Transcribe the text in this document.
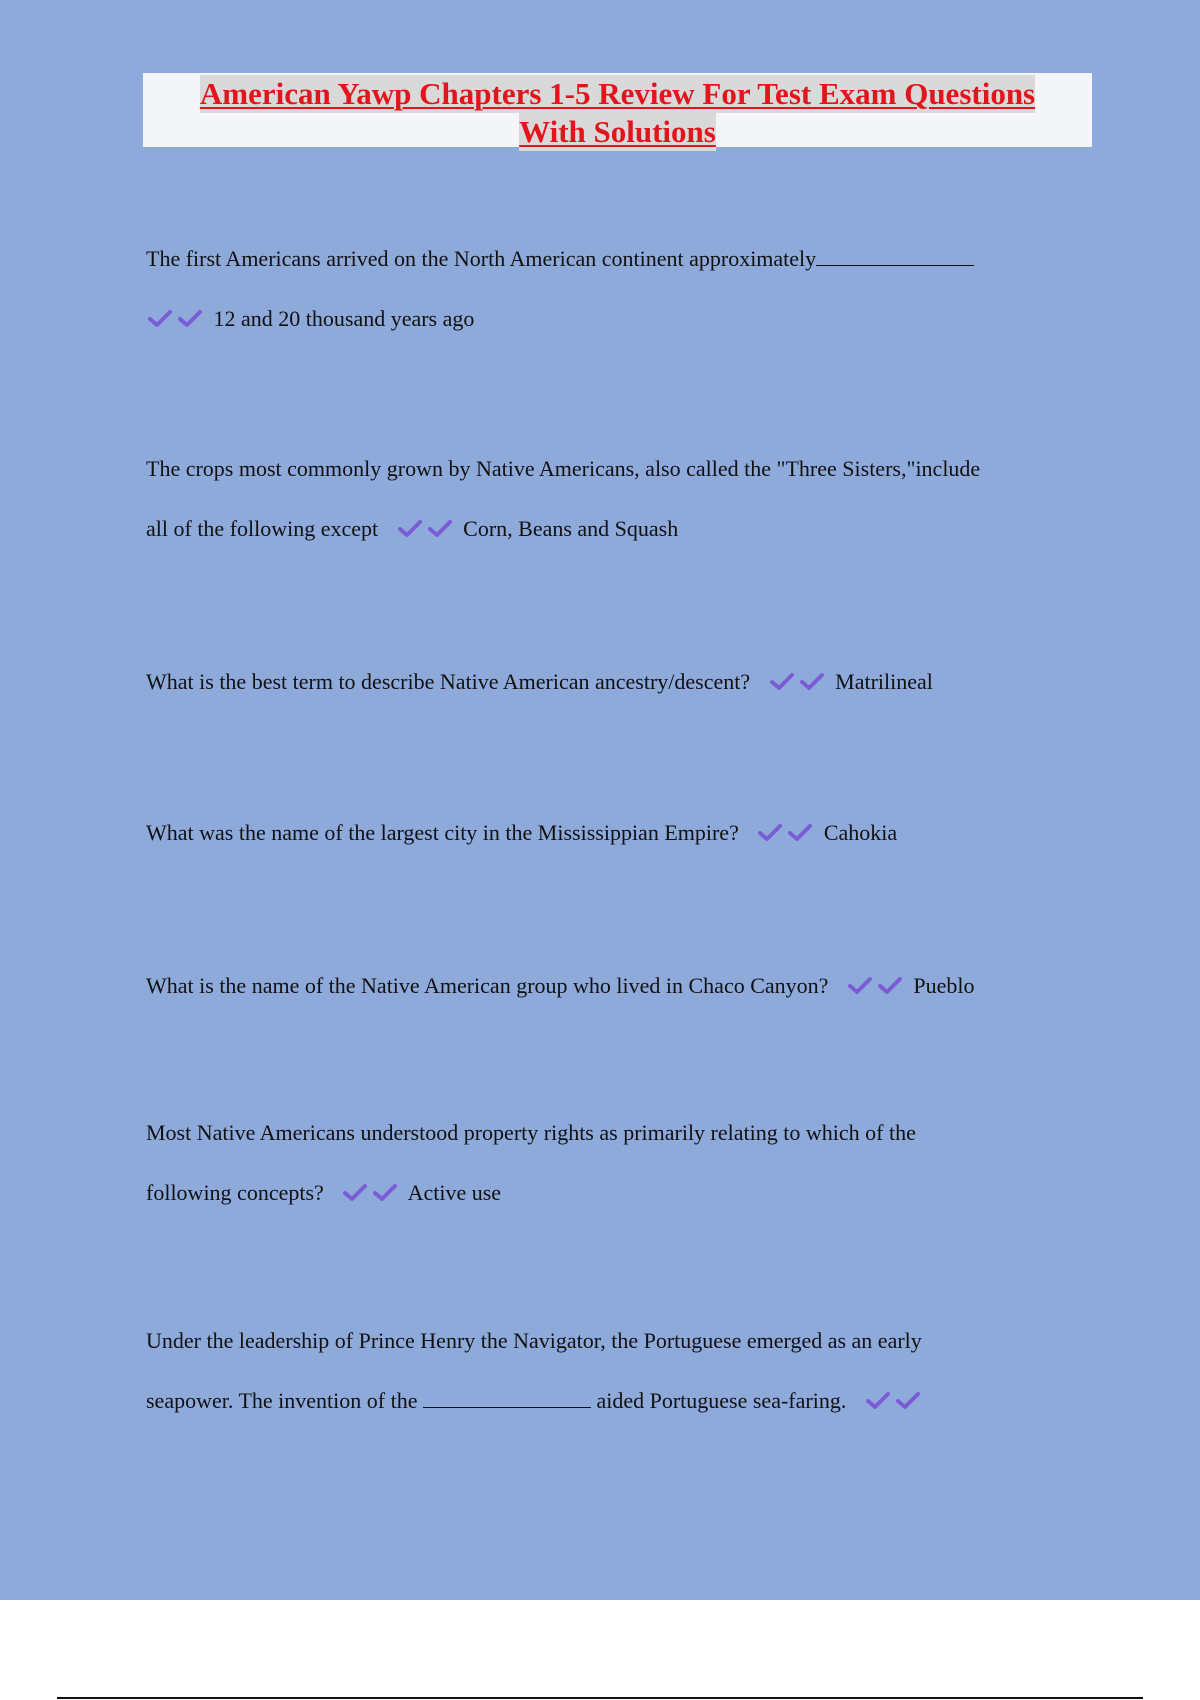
American Yawp Chapters 1-5 Review For Test Exam Questions
With Solutions

The first Americans arrived on the North American continent approximately

12 and 20 thousand years ago

The crops most commonly grown by Native Americans, also called the "Three Sisters,"include

all of the following except	Corn, Beans and Squash

What is the best term to describe Native American ancestry/descent?	Matrilineal

What was the name of the largest city in the Mississippian Empire?	Cahokia

What is the name of the Native American group who lived in Chaco Canyon?	Pueblo

Most Native Americans understood property rights as primarily relating to which of the

following concepts?	Active use

Under the leadership of Prince Henry the Navigator, the Portuguese emerged as an early

seapower. The invention of the	aided Portuguese sea-faring.
